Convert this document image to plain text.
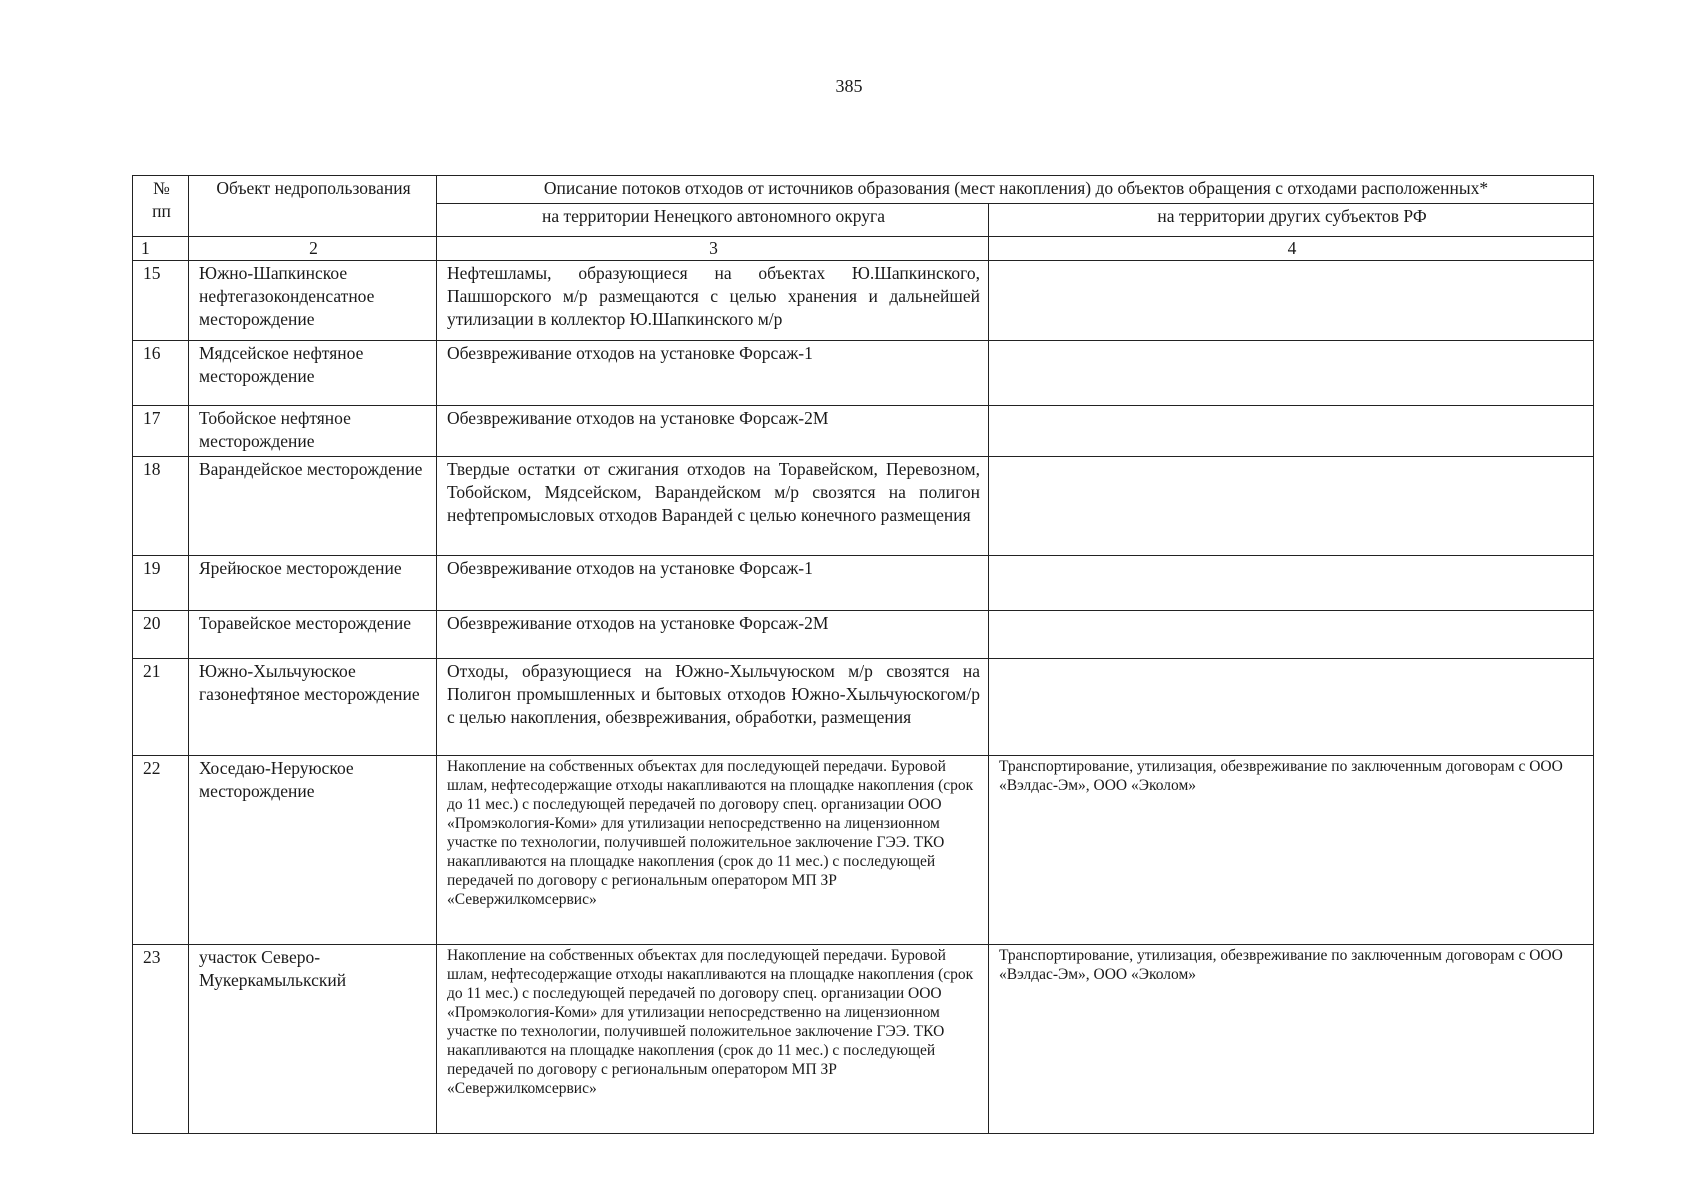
385
№ пп	Объект недропользования	Описание потоков отходов от источников образования (мест накопления) до объектов обращения с отходами расположенных*	
		на территории Ненецкого автономного округа	на территории других субъектов РФ
1	2	3	4
15	Южно-Шапкинское нефтегазоконденсатное месторождение	Нефтешламы, образующиеся на объектах Ю.Шапкинского, Пашшорского м/р размещаются с целью хранения и дальнейшей утилизации в коллектор Ю.Шапкинского м/р	
16	Мядсейское нефтяное месторождение	Обезвреживание отходов на установке Форсаж-1	
17	Тобойское нефтяное месторождение	Обезвреживание отходов на установке Форсаж-2М	
18	Варандейское месторождение	Твердые остатки от сжигания отходов на Торавейском, Перевозном, Тобойском, Мядсейском, Варандейском м/р свозятся на полигон нефтепромысловых отходов Варандей с целью конечного размещения	
19	Ярейюское месторождение	Обезвреживание отходов на установке Форсаж-1	
20	Торавейское месторождение	Обезвреживание отходов на установке Форсаж-2М	
21	Южно-Хыльчуюское газонефтяное месторождение	Отходы, образующиеся на Южно-Хыльчуюском м/р свозятся на Полигон промышленных и бытовых отходов Южно-Хыльчуюскогом/р с целью накопления, обезвреживания, обработки, размещения	
22	Хоседаю-Неруюское месторождение	Накопление на собственных объектах для последующей передачи. Буровой шлам, нефтесодержащие отходы накапливаются на площадке накопления (срок до 11 мес.) с последующей передачей по договору спец. организации ООО «Промэкология-Коми» для утилизации непосредственно на лицензионном участке по технологии, получившей положительное заключение ГЭЭ. ТКО накапливаются на площадке накопления (срок до 11 мес.) с последующей передачей по договору с региональным оператором МП ЗР «Севержилкомсервис»	Транспортирование, утилизация, обезвреживание по заключенным договорам с ООО «Вэлдас-Эм», ООО «Эколом»
23	участок Северо-Мукеркамылькский	Накопление на собственных объектах для последующей передачи. Буровой шлам, нефтесодержащие отходы накапливаются на площадке накопления (срок до 11 мес.) с последующей передачей по договору спец. организации ООО «Промэкология-Коми» для утилизации непосредственно на лицензионном участке по технологии, получившей положительное заключение ГЭЭ. ТКО накапливаются на площадке накопления (срок до 11 мес.) с последующей передачей по договору с региональным оператором МП ЗР «Севержилкомсервис»	Транспортирование, утилизация, обезвреживание по заключенным договорам с ООО «Вэлдас-Эм», ООО «Эколом»
